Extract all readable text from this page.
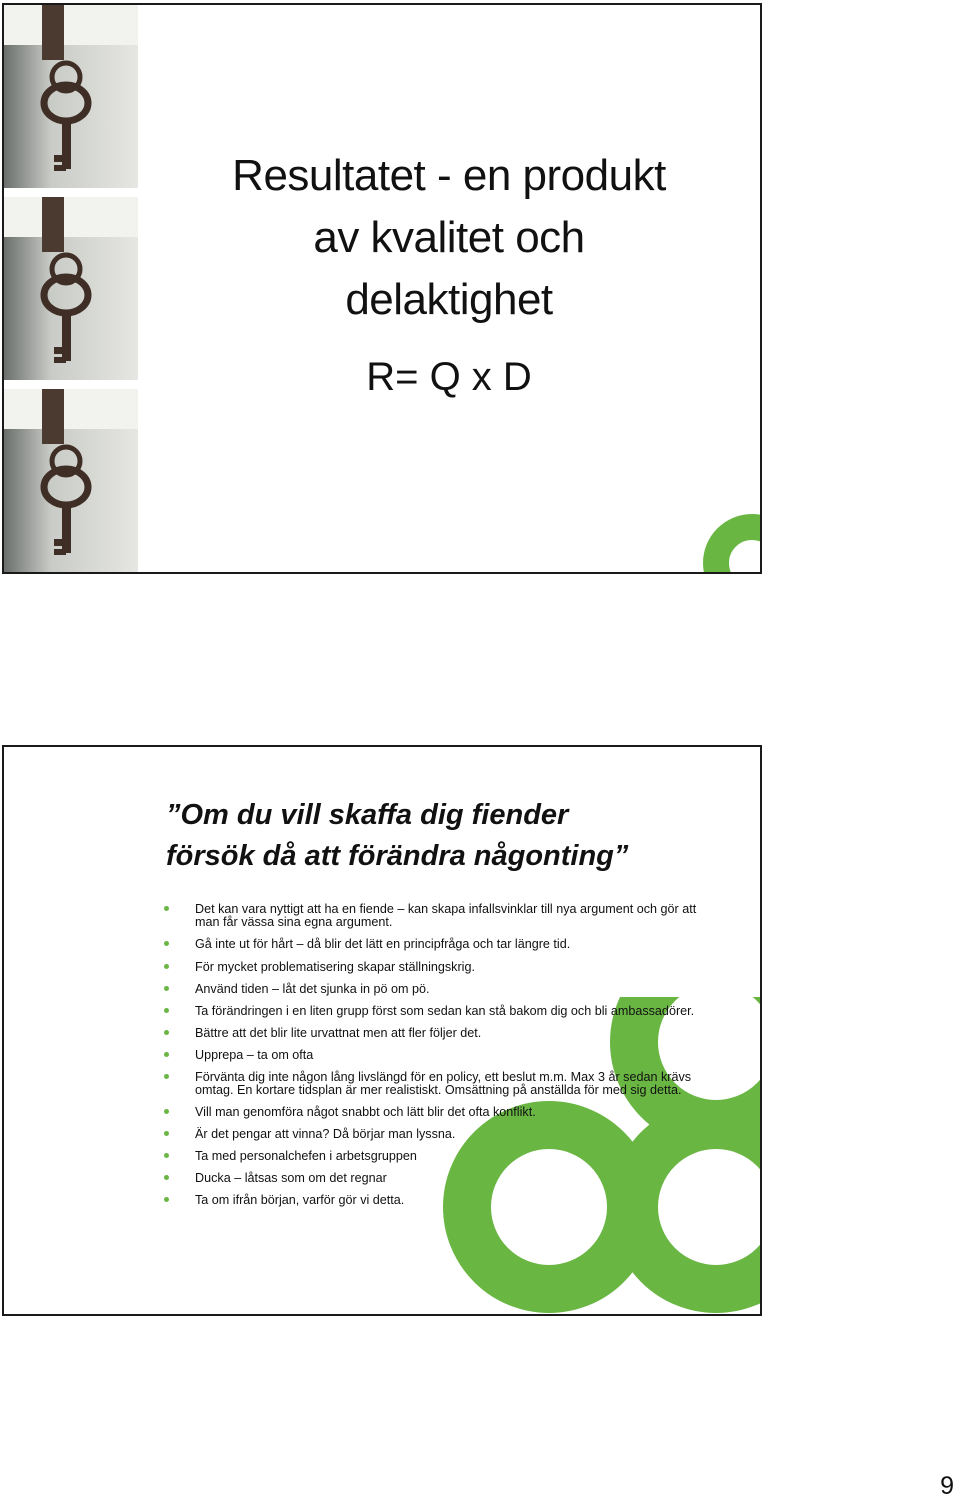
Resultatet - en produkt
av kvalitet och
delaktighet
R= Q x D
”Om du vill skaffa dig fiender
försök då att förändra någonting”
Det kan vara nyttigt att ha en fiende – kan skapa infallsvinklar till nya argument och gör att man får vässa sina egna argument.
Gå inte ut för hårt – då blir det lätt en principfråga och tar längre tid.
För mycket problematisering skapar ställningskrig.
Använd tiden – låt det sjunka in pö om pö.
Ta förändringen i en liten grupp först som sedan kan stå bakom dig och bli ambassadörer.
Bättre att det blir lite urvattnat men att fler följer det.
Upprepa – ta om ofta
Förvänta dig inte någon lång livslängd för en policy, ett beslut m.m. Max 3 år sedan krävs omtag. En kortare tidsplan är mer realistiskt. Omsättning på anställda för med sig detta.
Vill man genomföra något snabbt och lätt blir det ofta konflikt.
Är det pengar att vinna? Då börjar man lyssna.
Ta med personalchefen i arbetsgruppen
Ducka – låtsas som om det regnar
Ta om ifrån början, varför gör vi detta.
9
